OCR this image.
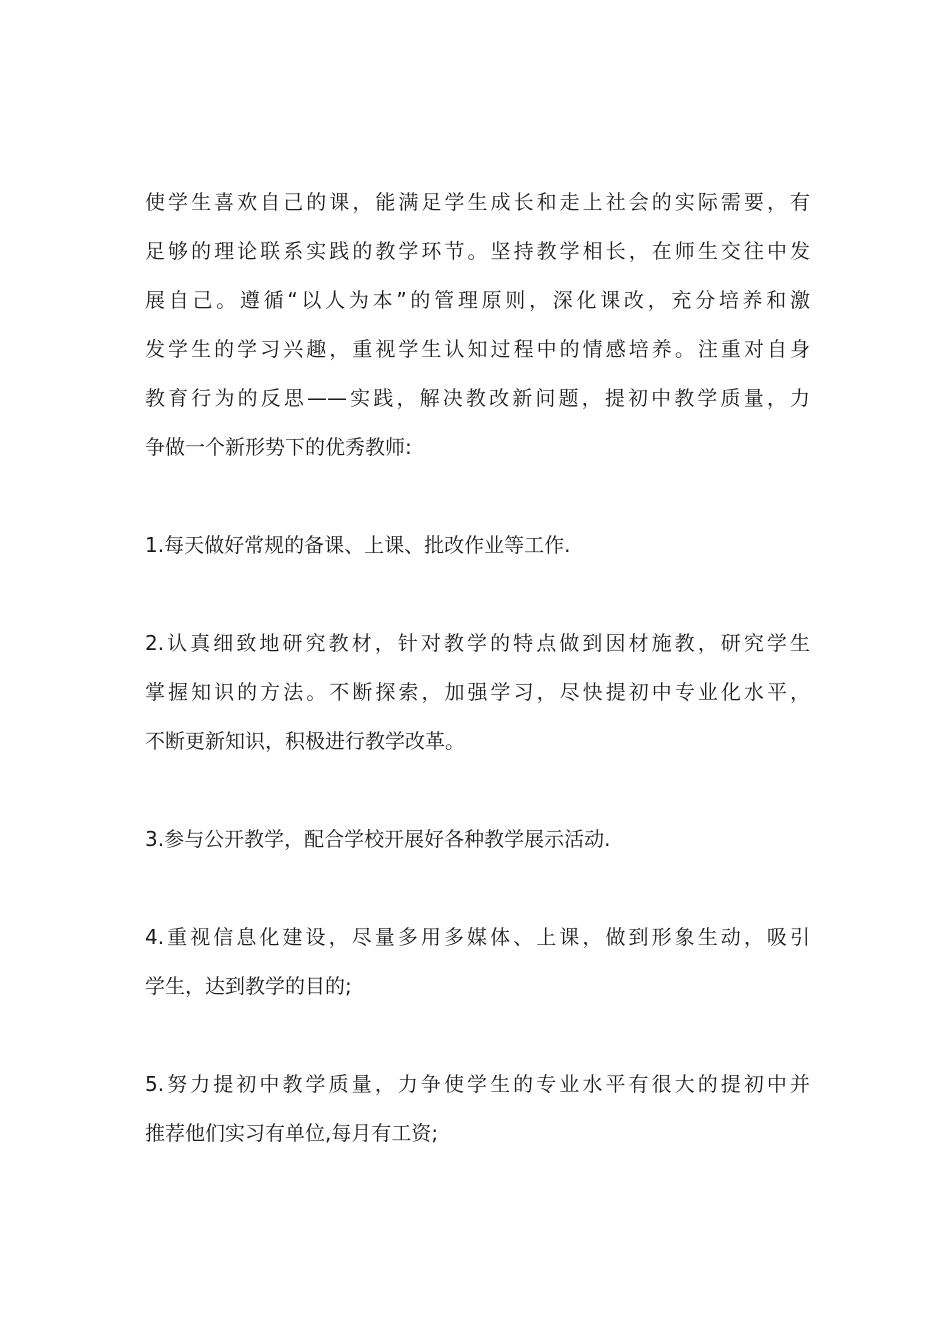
使学生喜欢自己的课，能满足学生成长和走上社会的实际需要，有
足够的理论联系实践的教学环节。坚持教学相长，在师生交往中发
展自己。遵循“以人为本”的管理原则，深化课改，充分培养和激
发学生的学习兴趣，重视学生认知过程中的情感培养。注重对自身
教育行为的反思——实践，解决教改新问题，提初中教学质量，力
争做一个新形势下的优秀教师:
1.每天做好常规的备课、上课、批改作业等工作.
2.认真细致地研究教材，针对教学的特点做到因材施教，研究学生
掌握知识的方法。不断探索，加强学习，尽快提初中专业化水平，
不断更新知识，积极进行教学改革。
3.参与公开教学，配合学校开展好各种教学展示活动.
4.重视信息化建设，尽量多用多媒体、上课，做到形象生动，吸引
学生，达到教学的目的;
5.努力提初中教学质量，力争使学生的专业水平有很大的提初中并
推荐他们实习有单位,每月有工资;
